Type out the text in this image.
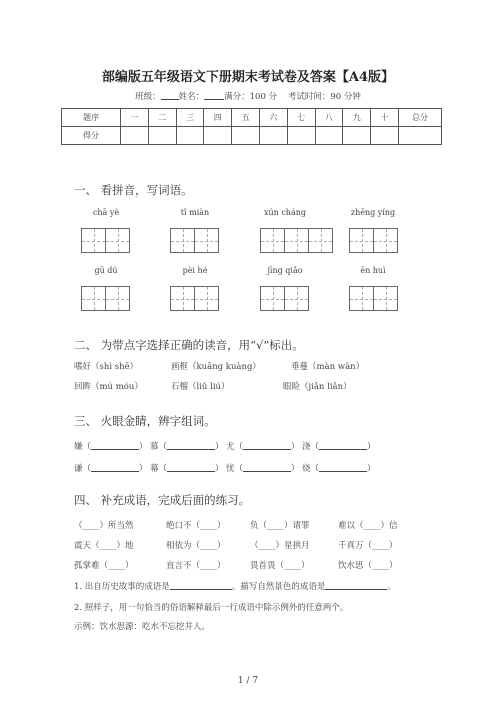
部编版五年级语文下册期末考试卷及答案【A4版】
班级： 姓名： 满分：100 分 考试时间：90 分钟
题序	一	二	三	四	五	六	七	八	九	十	总分
得分											
一、 看拼音，写词语。
chā yè	tǐ miàn	xún cháng	zhēng yíng
gū dú	pèi hé	jīng qiǎo	ēn huì
二、 为带点字选择正确的读音，用“√”标出。
嗜好（shì shē）	画框（kuāng kuàng）	垂蔓（màn wàn）
回眸（mú móu）	石榴（liǔ liú）	眼睑（jiǎn liǎn）
三、 火眼金睛，辨字组词。
嫌（	） 慕（	） 尤（	） 浇（	）
谦（	） 幕（	） 忧（	） 烧（	）
四、 补充成语，完成后面的练习。
（____）所当然	绝口不（____）	负（____）请罪	难以（____）信
震天（____）地	相依为（____）	（____）星拱月	千真万（____）
孤掌难（____）	直言不（____）	畏首畏（____）	饮水思（____）
1. 出自历史故事的成语是	。描写自然景色的成语是	。
2. 照样子，用一句恰当的俗语解释最后一行成语中除示例外的任意两个。
示例：饮水思源：吃水不忘挖井人。
1 / 7
